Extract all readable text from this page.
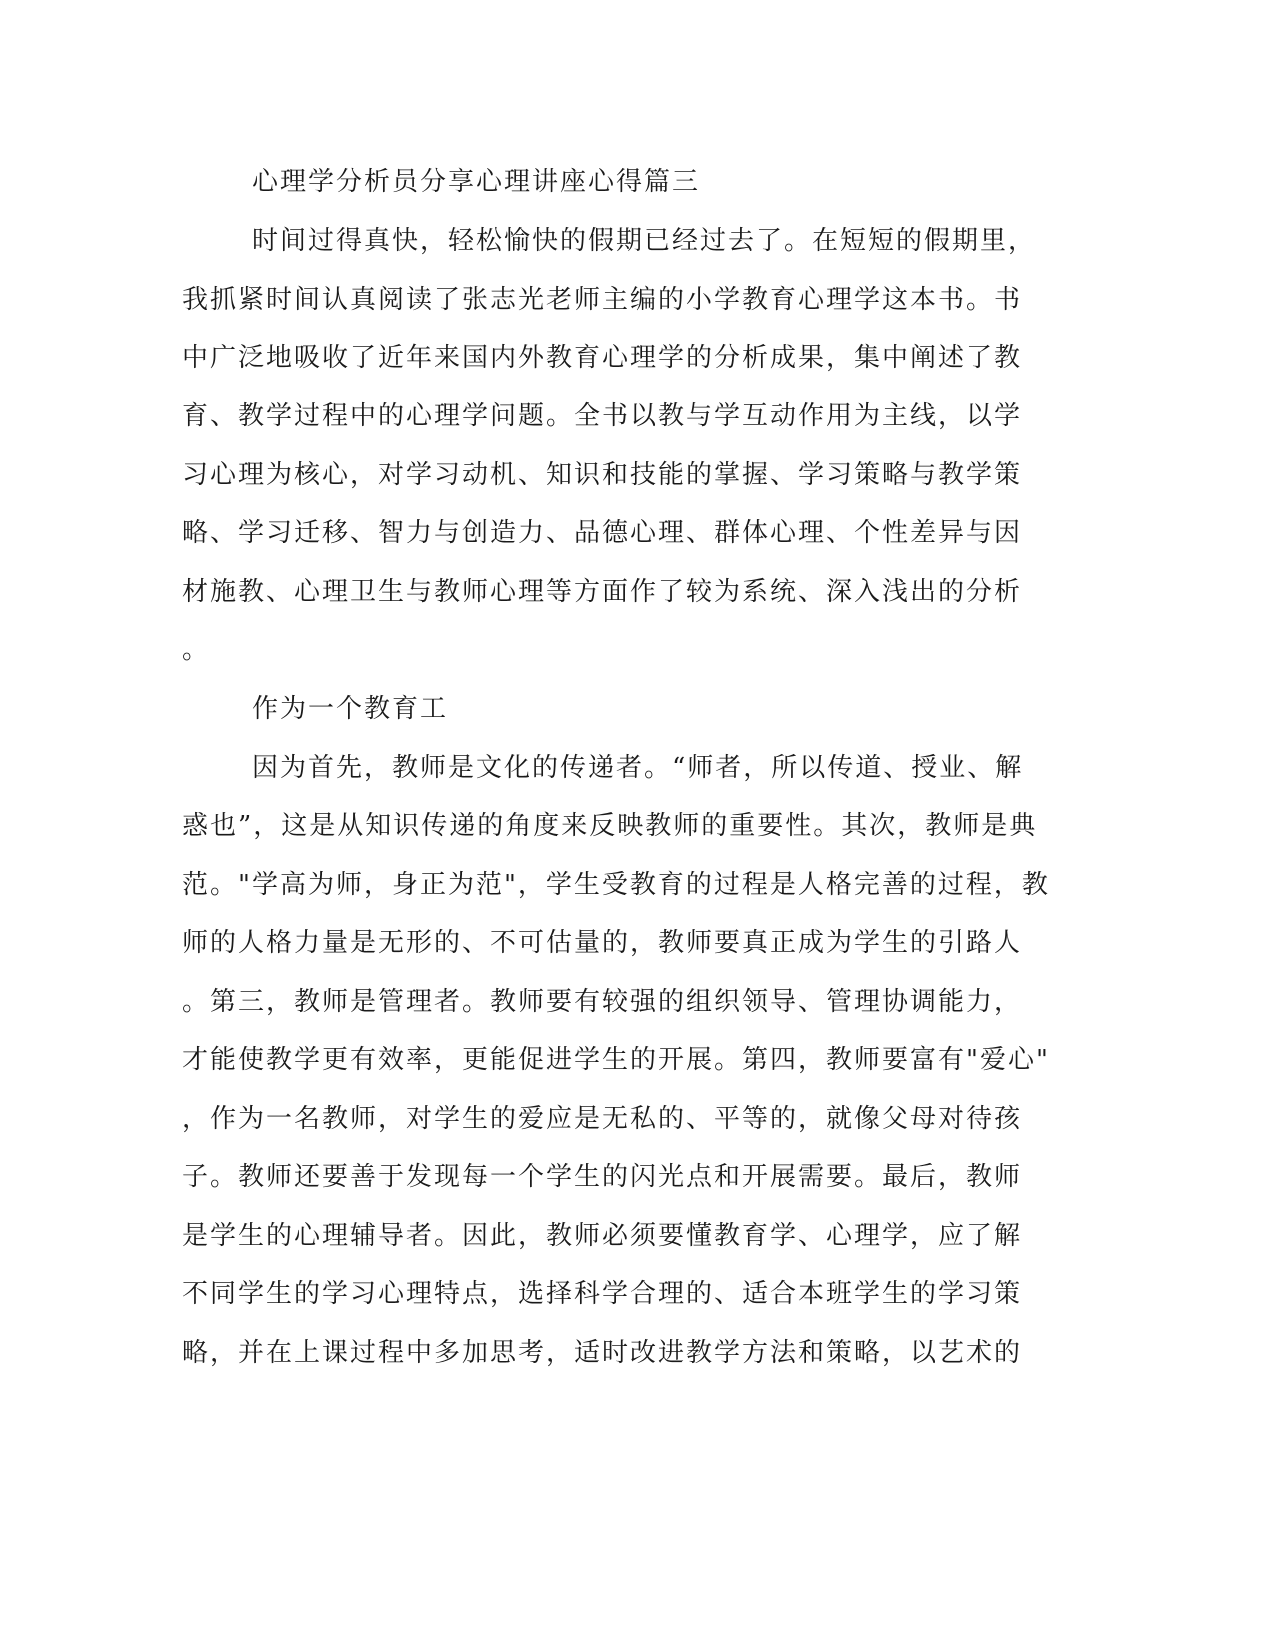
心理学分析员分享心理讲座心得篇三
时间过得真快，轻松愉快的假期已经过去了。在短短的假期里，
我抓紧时间认真阅读了张志光老师主编的小学教育心理学这本书。书
中广泛地吸收了近年来国内外教育心理学的分析成果，集中阐述了教
育、教学过程中的心理学问题。全书以教与学互动作用为主线，以学
习心理为核心，对学习动机、知识和技能的掌握、学习策略与教学策
略、学习迁移、智力与创造力、品德心理、群体心理、个性差异与因
材施教、心理卫生与教师心理等方面作了较为系统、深入浅出的分析
。
作为一个教育工
因为首先，教师是文化的传递者。“师者，所以传道、授业、解
惑也”，这是从知识传递的角度来反映教师的重要性。其次，教师是典
范。"学高为师，身正为范"，学生受教育的过程是人格完善的过程，教
师的人格力量是无形的、不可估量的，教师要真正成为学生的引路人
。第三，教师是管理者。教师要有较强的组织领导、管理协调能力，
才能使教学更有效率，更能促进学生的开展。第四，教师要富有"爱心"
，作为一名教师，对学生的爱应是无私的、平等的，就像父母对待孩
子。教师还要善于发现每一个学生的闪光点和开展需要。最后，教师
是学生的心理辅导者。因此，教师必须要懂教育学、心理学，应了解
不同学生的学习心理特点，选择科学合理的、适合本班学生的学习策
略，并在上课过程中多加思考，适时改进教学方法和策略，以艺术的
